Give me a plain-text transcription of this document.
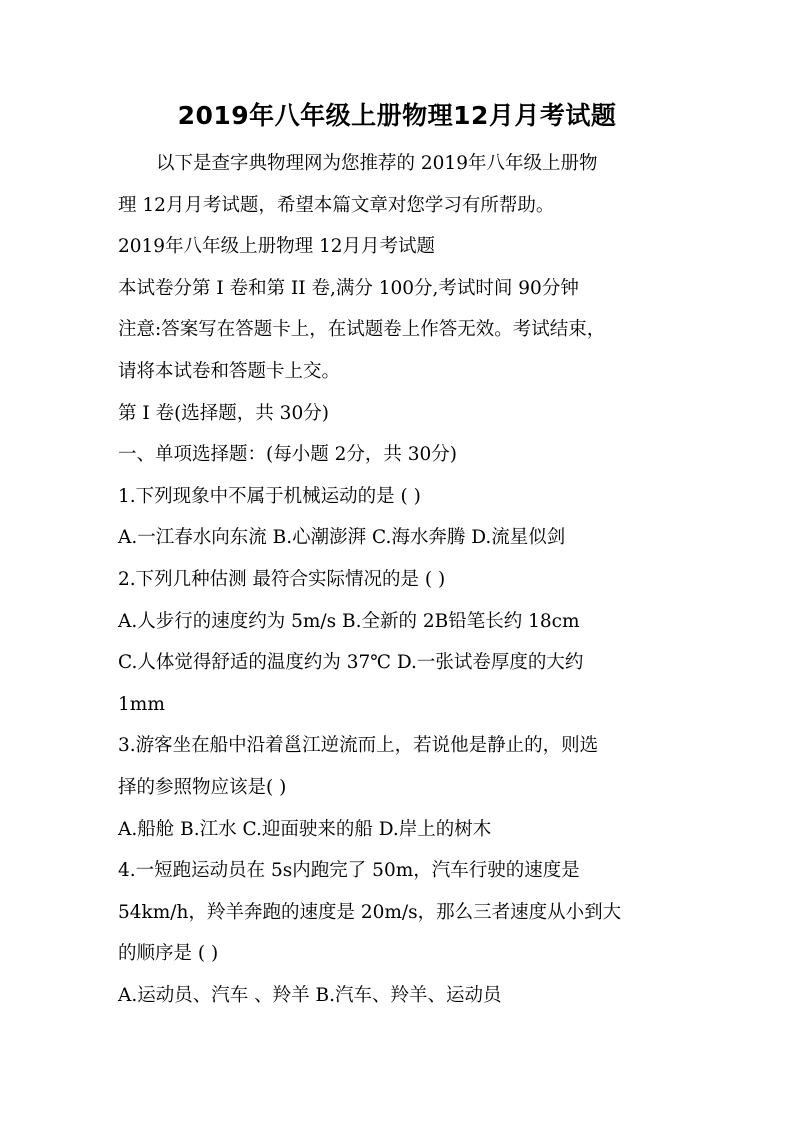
2019年八年级上册物理12月月考试题
以下是查字典物理网为您推荐的 2019年八年级上册物
理 12月月考试题，希望本篇文章对您学习有所帮助。
2019年八年级上册物理 12月月考试题
本试卷分第 I 卷和第 II 卷,满分 100分,考试时间 90分钟
注意:答案写在答题卡上，在试题卷上作答无效。考试结束，
请将本试卷和答题卡上交。
第 I 卷(选择题，共 30分)
一、单项选择题：(每小题 2分，共 30分)
1.下列现象中不属于机械运动的是 ( )
A.一江春水向东流 B.心潮澎湃 C.海水奔腾 D.流星似剑
2.下列几种估测 最符合实际情况的是 ( )
A.人步行的速度约为 5m/s B.全新的 2B铅笔长约 18cm
C.人体觉得舒适的温度约为 37℃ D.一张试卷厚度的大约
1mm
3.游客坐在船中沿着邕江逆流而上，若说他是静止的，则选
择的参照物应该是( )
A.船舱 B.江水 C.迎面驶来的船 D.岸上的树木
4.一短跑运动员在 5s内跑完了 50m，汽车行驶的速度是
54km/h，羚羊奔跑的速度是 20m/s，那么三者速度从小到大
的顺序是 ( )
A.运动员、汽车 、羚羊 B.汽车、羚羊、运动员
